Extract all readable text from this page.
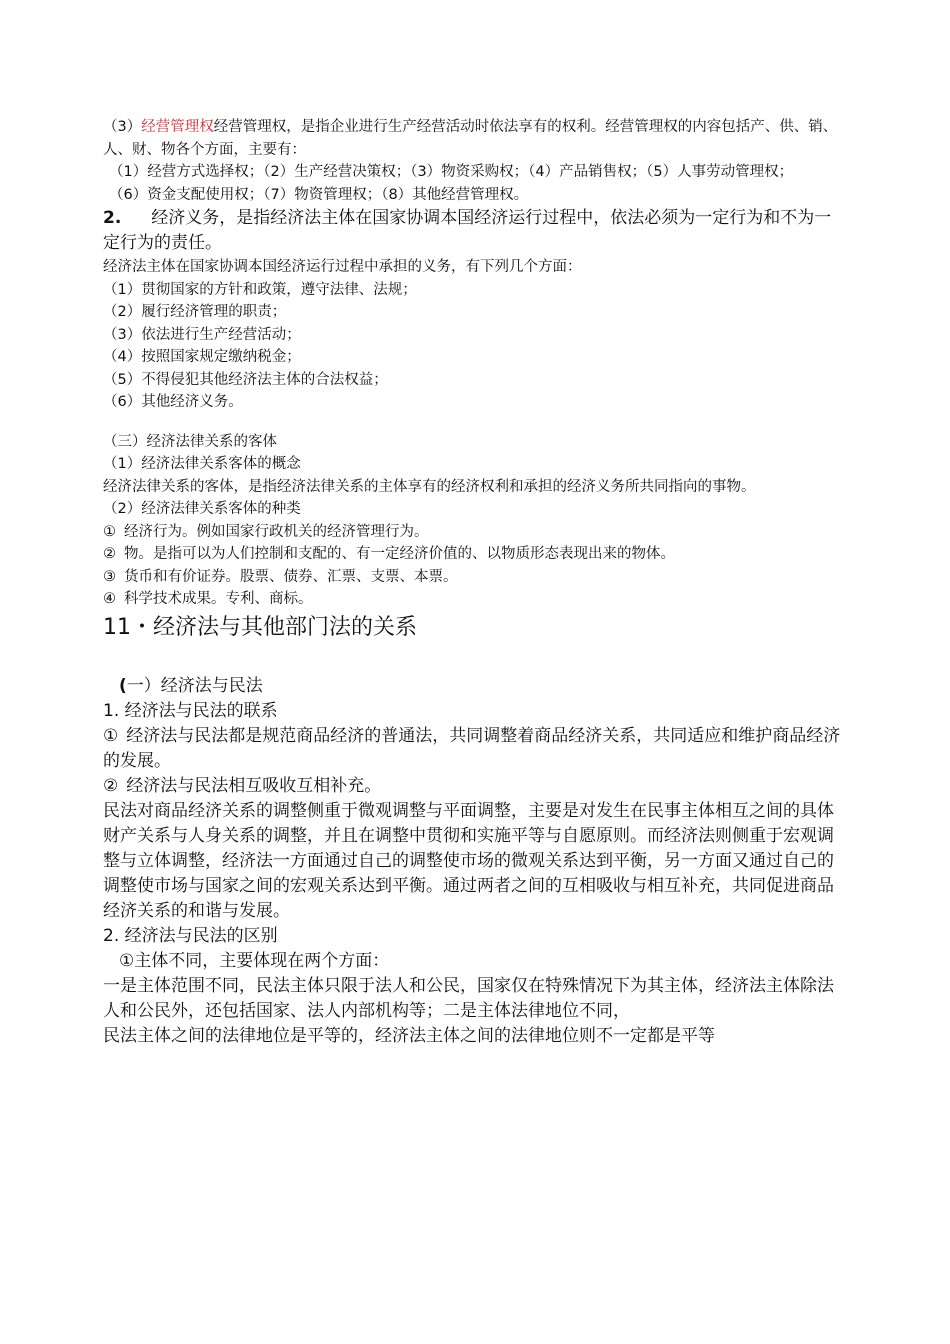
（3）经营管理权经营管理权，是指企业进行生产经营活动时依法享有的权利。经营管理权的内容包括产、供、销、人、财、物各个方面，主要有：

（1）经营方式选择权；（2）生产经营决策权；（3）物资采购权；（4）产品销售权；（5）人事劳动管理权；

（6）资金支配使用权；（7）物资管理权；（8）其他经营管理权。

2. 经济义务，是指经济法主体在国家协调本国经济运行过程中，依法必须为一定行为和不为一定行为的责任。

经济法主体在国家协调本国经济运行过程中承担的义务，有下列几个方面：

（1）贯彻国家的方针和政策，遵守法律、法规；

（2）履行经济管理的职责；

（3）依法进行生产经营活动；

（4）按照国家规定缴纳税金；

（5）不得侵犯其他经济法主体的合法权益；

（6）其他经济义务。

（三）经济法律关系的客体

（1）经济法律关系客体的概念

经济法律关系的客体，是指经济法律关系的主体享有的经济权利和承担的经济义务所共同指向的事物。

（2）经济法律关系客体的种类

① 经济行为。例如国家行政机关的经济管理行为。

② 物。是指可以为人们控制和支配的、有一定经济价值的、以物质形态表现出来的物体。

③ 货币和有价证券。股票、债券、汇票、支票、本票。

④ 科学技术成果。专利、商标。

11・经济法与其他部门法的关系

(一）经济法与民法

1. 经济法与民法的联系

① 经济法与民法都是规范商品经济的普通法，共同调整着商品经济关系，共同适应和维护商品经济的发展。

② 经济法与民法相互吸收互相补充。

民法对商品经济关系的调整侧重于微观调整与平面调整，主要是对发生在民事主体相互之间的具体财产关系与人身关系的调整，并且在调整中贯彻和实施平等与自愿原则。而经济法则侧重于宏观调整与立体调整，经济法一方面通过自己的调整使市场的微观关系达到平衡，另一方面又通过自己的调整使市场与国家之间的宏观关系达到平衡。通过两者之间的互相吸收与相互补充，共同促进商品经济关系的和谐与发展。

2. 经济法与民法的区别

①主体不同，主要体现在两个方面：

一是主体范围不同，民法主体只限于法人和公民，国家仅在特殊情况下为其主体，经济法主体除法人和公民外，还包括国家、法人内部机构等；二是主体法律地位不同，

民法主体之间的法律地位是平等的，经济法主体之间的法律地位则不一定都是平等
